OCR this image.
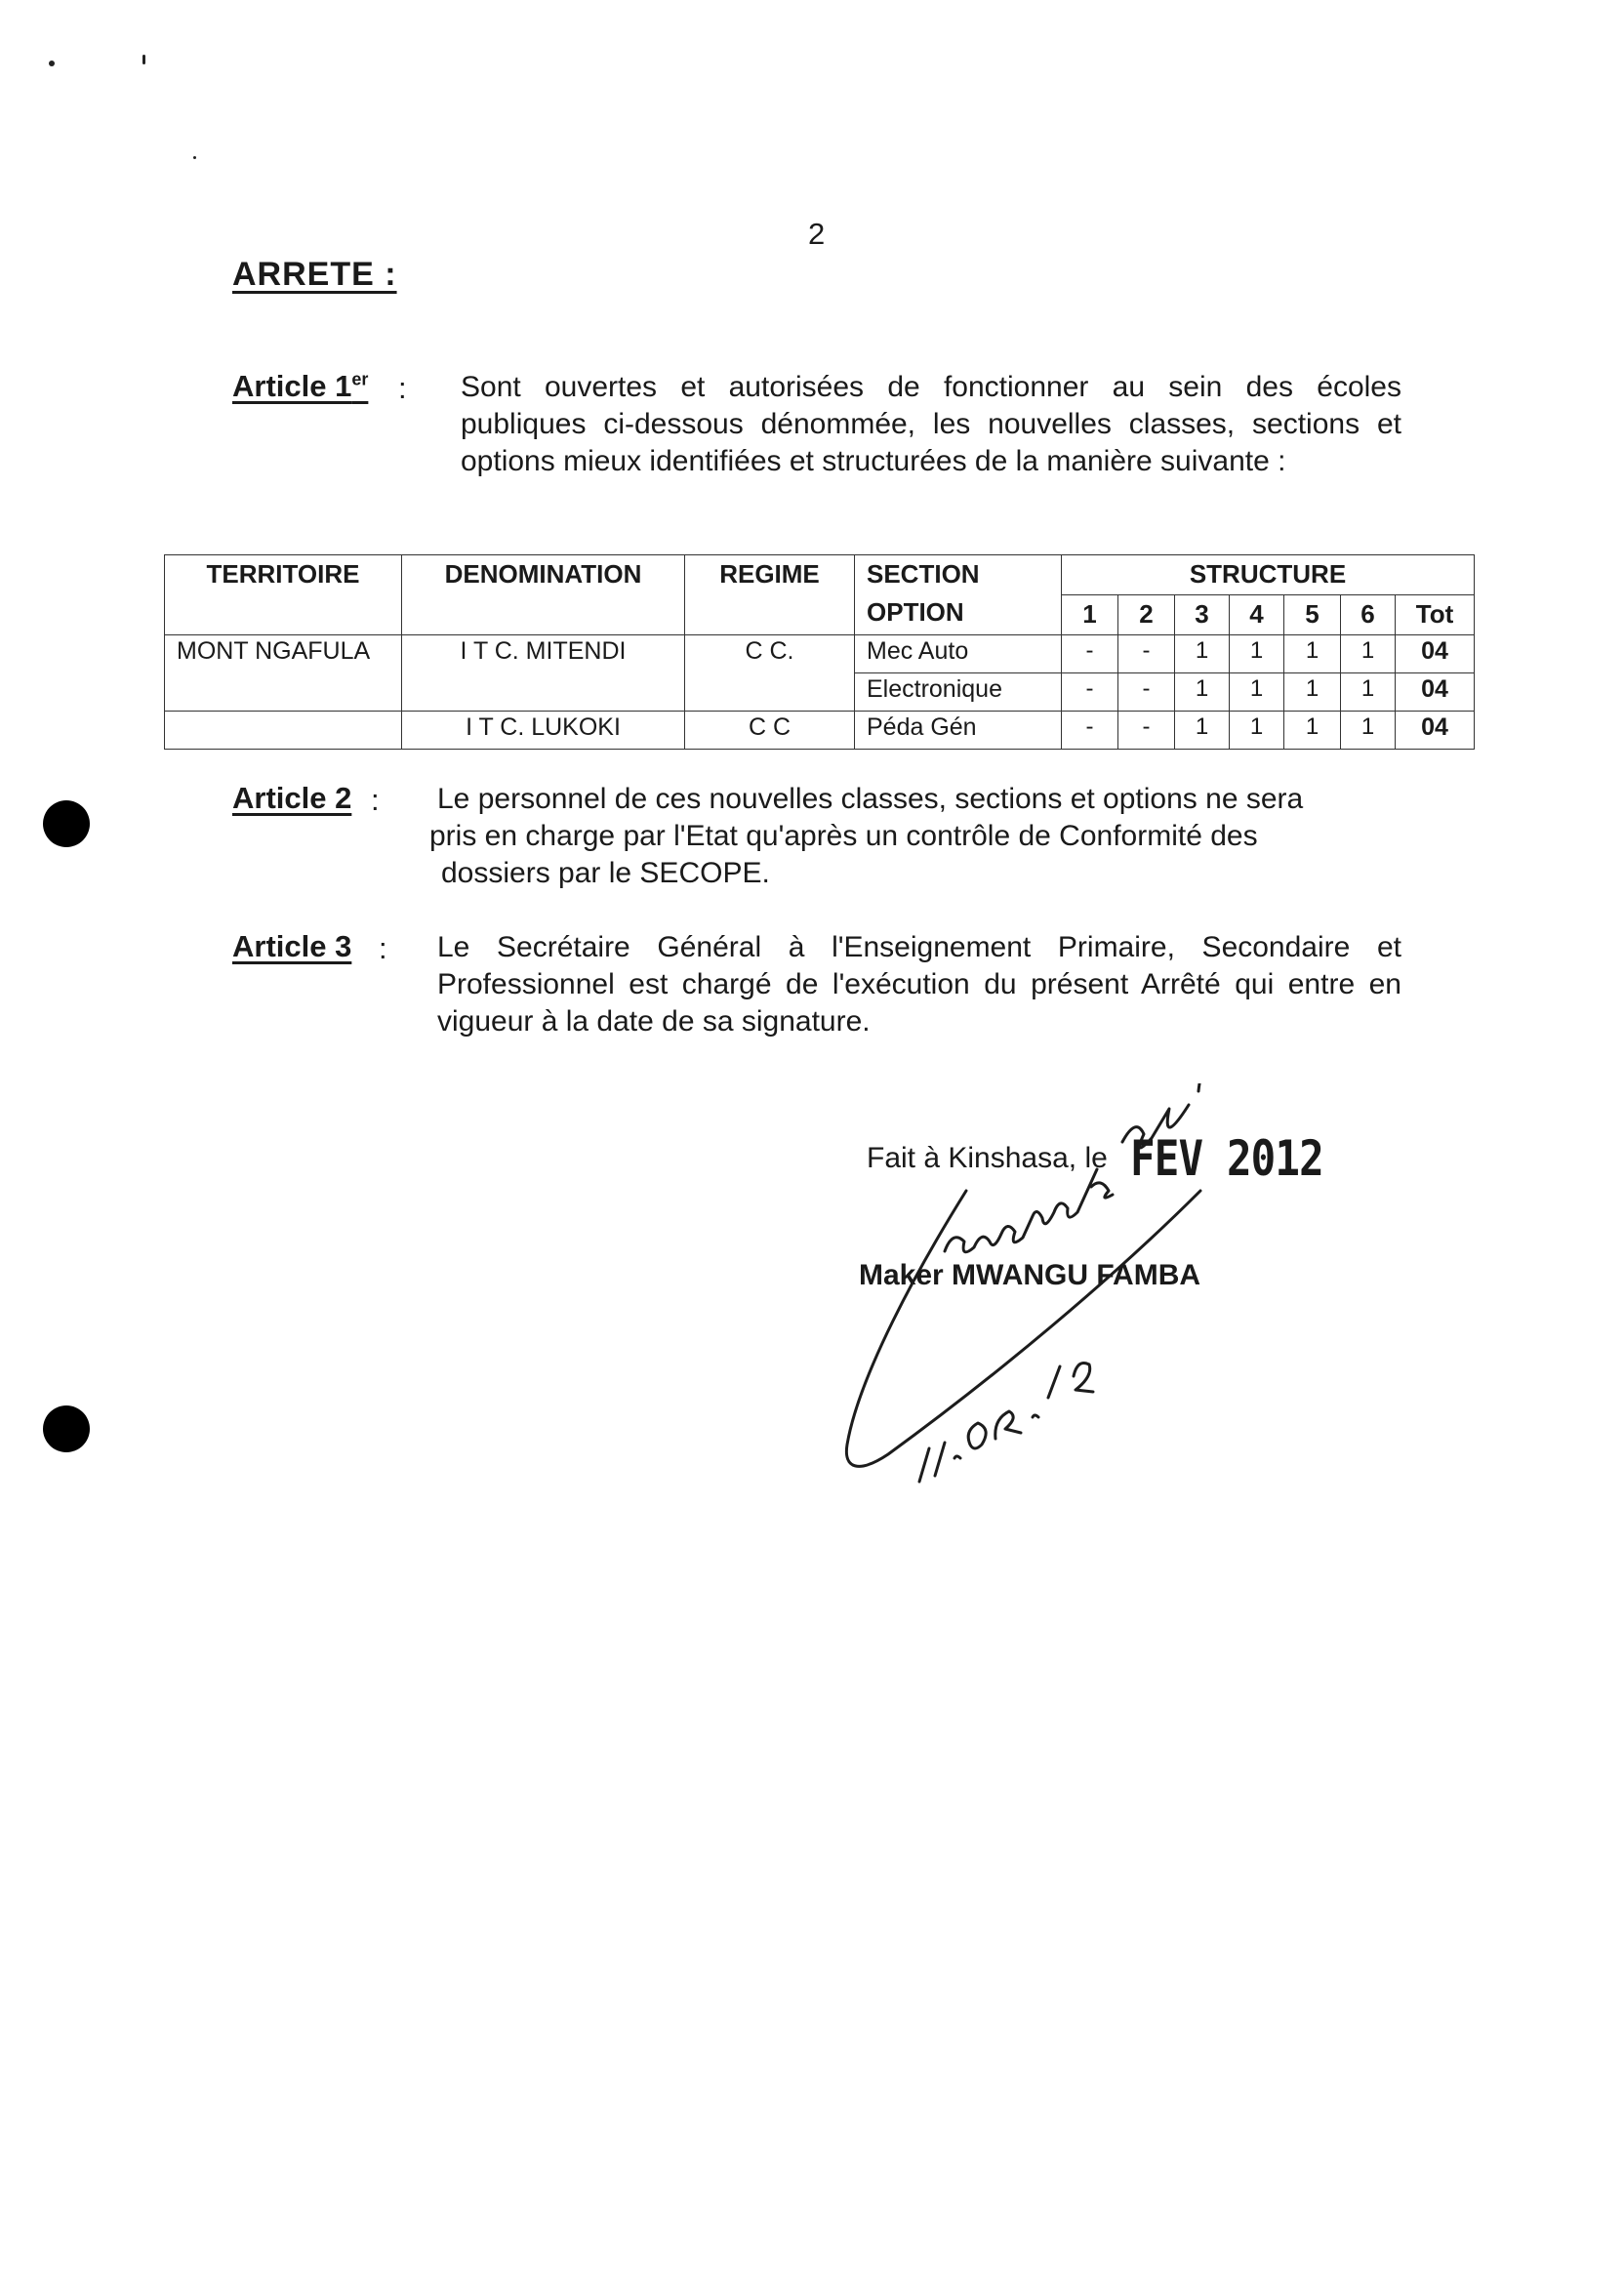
2
ARRETE :
Article 1er : Sont ouvertes et autorisées de fonctionner au sein des écoles
publiques ci-dessous dénommée, les nouvelles classes, sections et
options mieux identifiées et structurées de la manière suivante :
TERRITOIRE	DENOMINATION	REGIME	SECTION	STRUCTURE						
			OPTION	1	2	3	4	5	6	Tot
MONT NGAFULA	I T C. MITENDI	C C.	Mec Auto	-	-	1	1	1	1	04
			Electronique	-	-	1	1	1	1	04
	I T C. LUKOKI	C C	Péda Gén	-	-	1	1	1	1	04
Article 2 : Le personnel de ces nouvelles classes, sections et options ne sera
pris en charge par l'Etat qu'après un contrôle de Conformité des
dossiers par le SECOPE.
Article 3 : Le Secrétaire Général à l'Enseignement Primaire, Secondaire et
Professionnel est chargé de l'exécution du présent Arrêté qui entre en
vigueur à la date de sa signature.
Fait à Kinshasa, le FEV 2012
Maker MWANGU FAMBA
